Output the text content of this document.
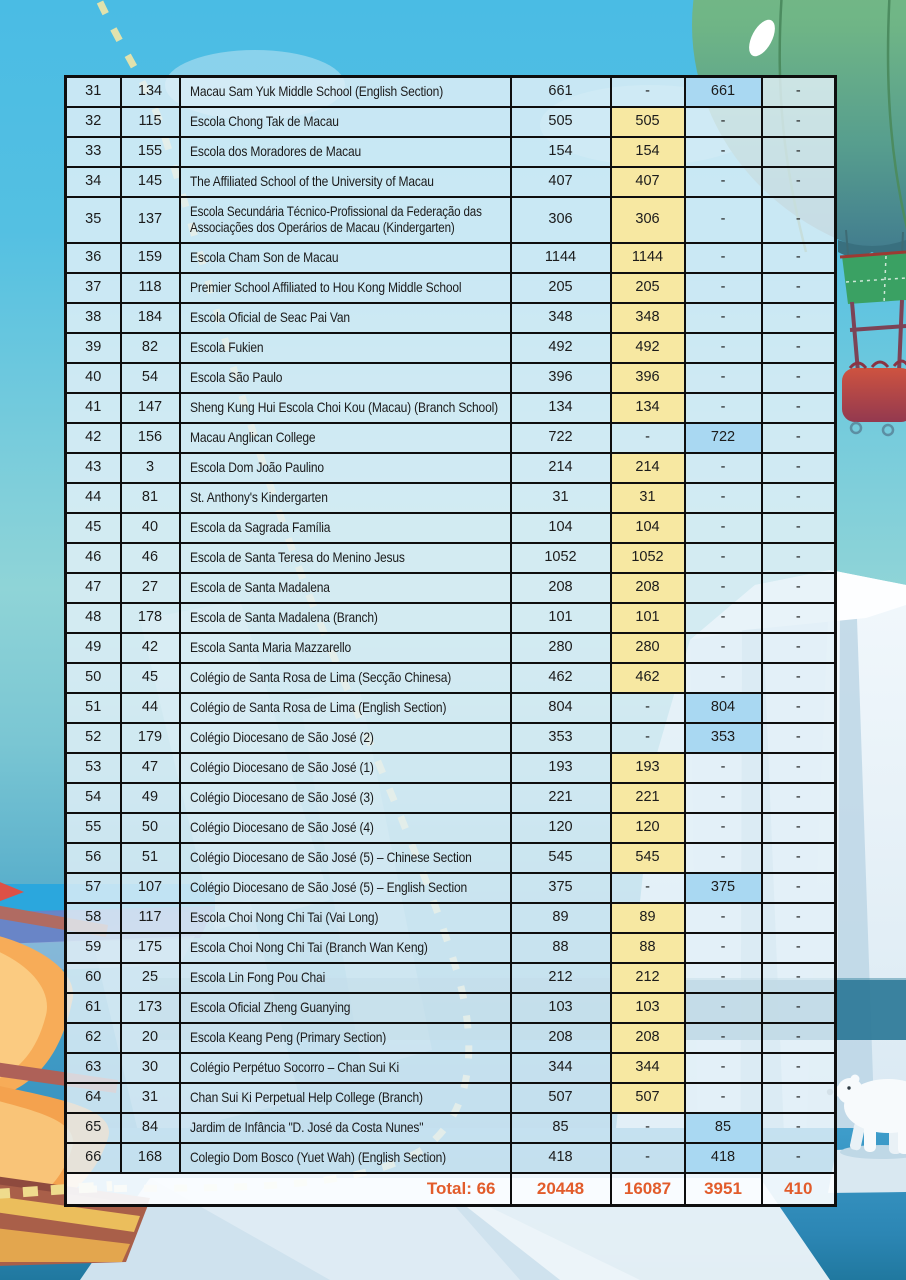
31	134	Macau Sam Yuk Middle School (English Section)	661	-	661	-
32	115	Escola Chong Tak de Macau	505	505	-	-
33	155	Escola dos Moradores de Macau	154	154	-	-
34	145	The Affiliated School of the University of Macau	407	407	-	-
35	137	Escola Secundária Técnico-Profissional da Federação das Associações dos Operários de Macau (Kindergarten)	306	306	-	-
36	159	Escola Cham Son de Macau	1144	1144	-	-
37	118	Premier School Affiliated to Hou Kong Middle School	205	205	-	-
38	184	Escola Oficial de Seac Pai Van	348	348	-	-
39	82	Escola Fukien	492	492	-	-
40	54	Escola São Paulo	396	396	-	-
41	147	Sheng Kung Hui Escola Choi Kou (Macau) (Branch School)	134	134	-	-
42	156	Macau Anglican College	722	-	722	-
43	3	Escola Dom João Paulino	214	214	-	-
44	81	St. Anthony's Kindergarten	31	31	-	-
45	40	Escola da Sagrada Família	104	104	-	-
46	46	Escola de Santa Teresa do Menino Jesus	1052	1052	-	-
47	27	Escola de Santa Madalena	208	208	-	-
48	178	Escola de Santa Madalena (Branch)	101	101	-	-
49	42	Escola Santa Maria Mazzarello	280	280	-	-
50	45	Colégio de Santa Rosa de Lima (Secção Chinesa)	462	462	-	-
51	44	Colégio de Santa Rosa de Lima (English Section)	804	-	804	-
52	179	Colégio Diocesano de São José (2)	353	-	353	-
53	47	Colégio Diocesano de São José (1)	193	193	-	-
54	49	Colégio Diocesano de São José (3)	221	221	-	-
55	50	Colégio Diocesano de São José (4)	120	120	-	-
56	51	Colégio Diocesano de São José (5) – Chinese Section	545	545	-	-
57	107	Colégio Diocesano de São José (5) – English Section	375	-	375	-
58	117	Escola Choi Nong Chi Tai (Vai Long)	89	89	-	-
59	175	Escola Choi Nong Chi Tai (Branch Wan Keng)	88	88	-	-
60	25	Escola Lin Fong Pou Chai	212	212	-	-
61	173	Escola Oficial Zheng Guanying	103	103	-	-
62	20	Escola Keang Peng (Primary Section)	208	208	-	-
63	30	Colégio Perpétuo Socorro – Chan Sui Ki	344	344	-	-
64	31	Chan Sui Ki Perpetual Help College (Branch)	507	507	-	-
65	84	Jardim de Infância "D. José da Costa Nunes"	85	-	85	-
66	168	Colegio Dom Bosco (Yuet Wah) (English Section)	418	-	418	-
Total: 66			20448	16087	3951	410
